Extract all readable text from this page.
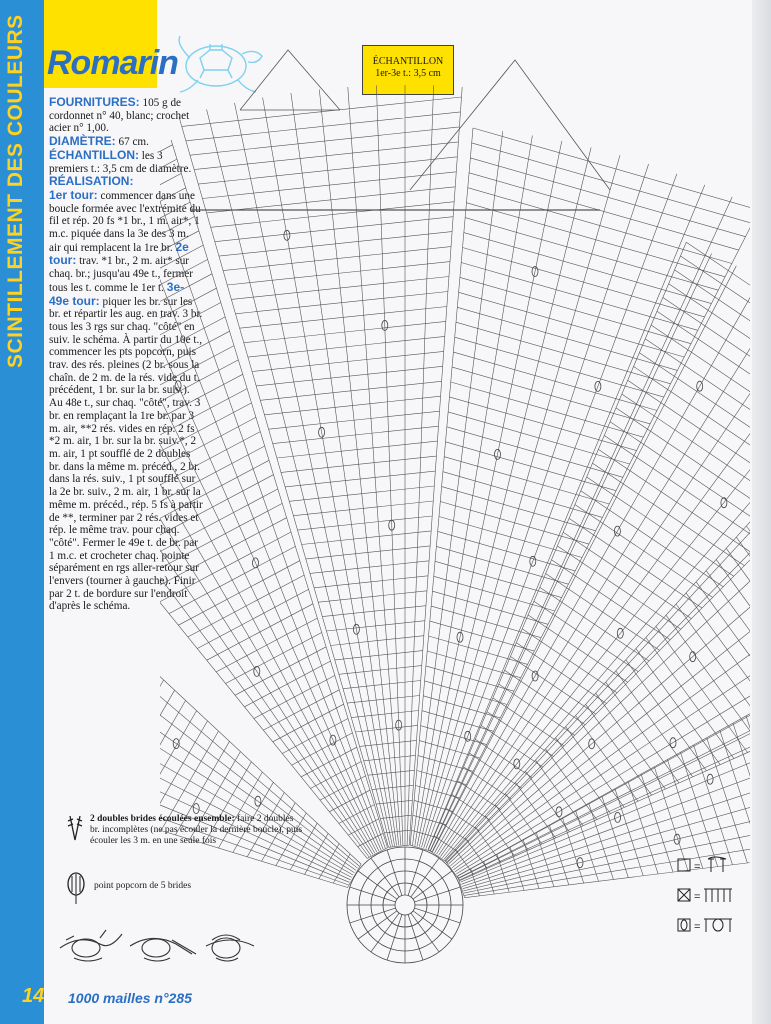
SCINTILLEMENT DES COULEURS Romarin

FOURNITURES: 105 g de cordonnet n° 40, blanc; crochet acier n° 1,00.

DIAMÈTRE: 67 cm.

ÉCHANTILLON: les 3 premiers t.: 3,5 cm de diamètre.

RÉALISATION:

1er tour: commencer dans une boucle formée avec l'extrémité du fil et rép. 20 fs *1 br., 1 m. air*, 1 m.c. piquée dans la 3e des 3 m. air qui remplacent la 1re br. 2e tour: trav. *1 br., 2 m. air* sur chaq. br.; jusqu'au 49e t., fermer tous les t. comme le 1er t. 3e-49e tour: piquer les br. sur les br. et répartir les aug. en trav. 3 br. tous les 3 rgs sur chaq. "côté" en suiv. le schéma. À partir du 10e t., commencer les pts popcorn, puis trav. des rés. pleines (2 br. sous la chaîn. de 2 m. de la rés. vide du t. précédent, 1 br. sur la br. suiv.). Au 48e t., sur chaq. "côté", trav. 3 br. en remplaçant la 1re br. par 3 m. air, **2 rés. vides en rép. 2 fs *2 m. air, 1 br. sur la br. suiv.*, 2 m. air, 1 pt soufflé de 2 doubles br. dans la même m. précéd., 2 br. dans la rés. suiv., 1 pt soufflé sur la 2e br. suiv., 2 m. air, 1 br. sur la même m. précéd., rép. 5 fs à partir de **, terminer par 2 rés. vides et rép. le même trav. pour chaq. "côté". Fermer le 49e t. de br. par 1 m.c. et crocheter chaq. pointe séparément en rgs aller-retour sur l'envers (tourner à gauche). Finir par 2 t. de bordure sur l'endroit d'après le schéma.

ÉCHANTILLON
1er-3e t.: 3,5 cm
2 doubles brides écoulées ensemble: faire 2 doubles br. incomplètes (ne pas écouler la dernière boucle), puis écouler les 3 m. en une seule fois
point popcorn de 5 brides
=
=
=
14 1000 mailles n°285
